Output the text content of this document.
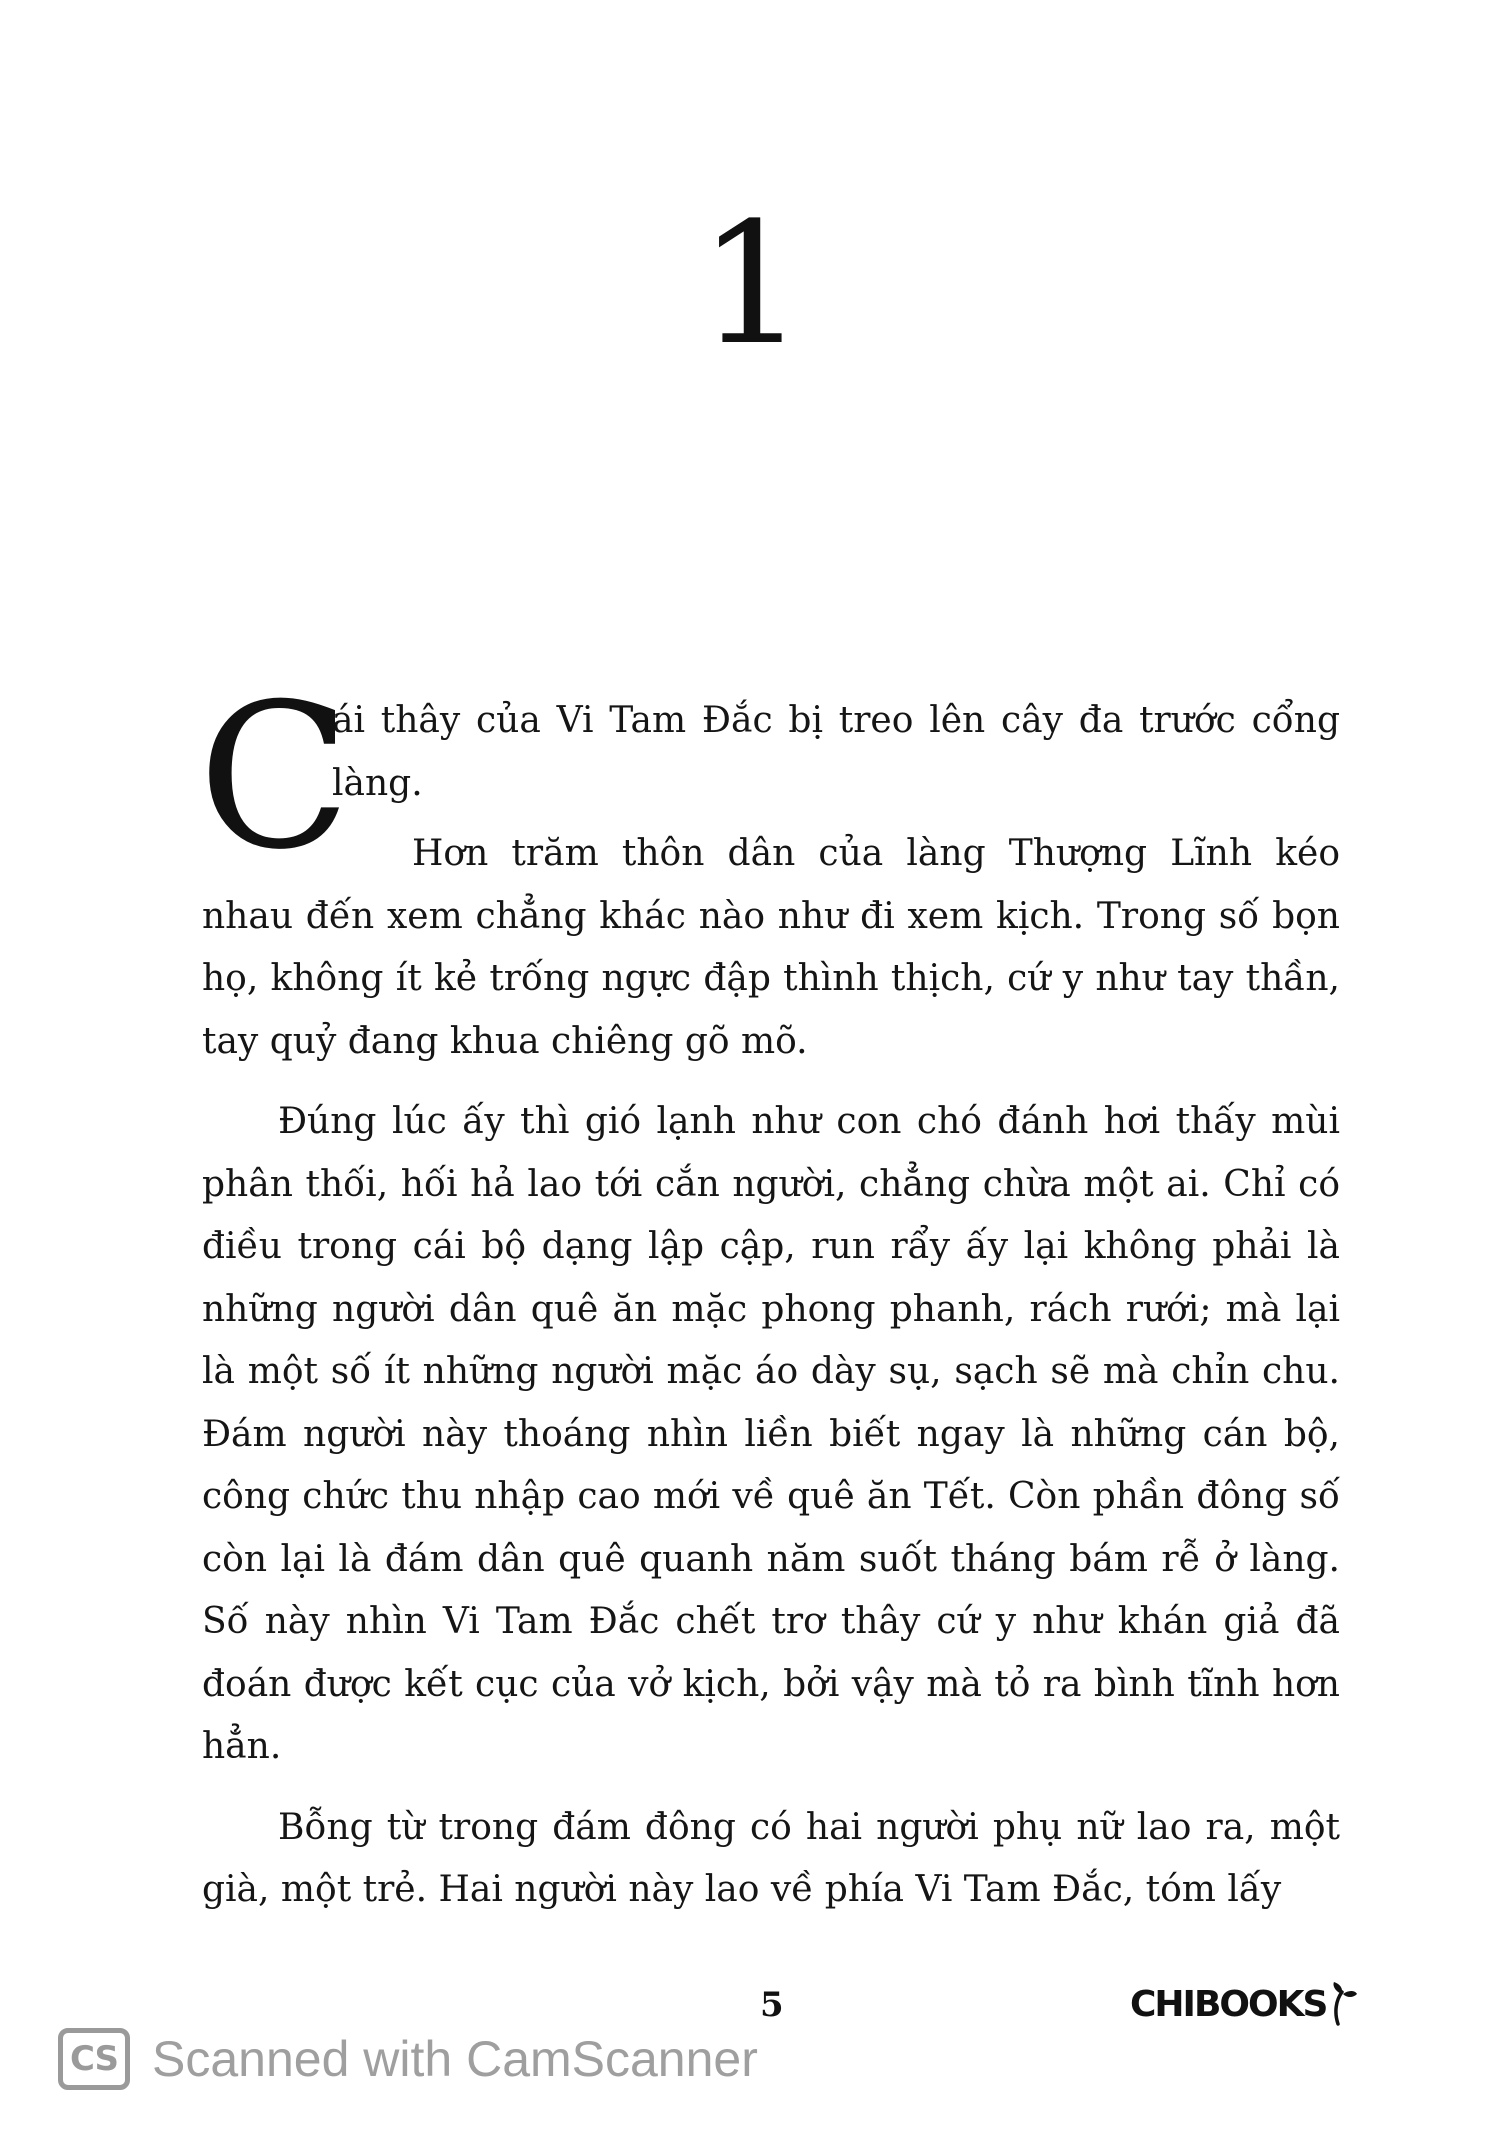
1

C
ái thây của Vi Tam Đắc bị treo lên cây đa trước cổng làng.

Hơn trăm thôn dân của làng Thượng Lĩnh kéo
nhau đến xem chẳng khác nào như đi xem kịch. Trong số bọn họ, không ít kẻ trống ngực đập thình thịch, cứ y như tay thần, tay quỷ đang khua chiêng gõ mõ.

Đúng lúc ấy thì gió lạnh như con chó đánh hơi thấy mùi phân thối, hối hả lao tới cắn người, chẳng chừa một ai. Chỉ có điều trong cái bộ dạng lập cập, run rẩy ấy lại không phải là những người dân quê ăn mặc phong phanh, rách rưới; mà lại là một số ít những người mặc áo dày sụ, sạch sẽ mà chỉn chu. Đám người này thoáng nhìn liền biết ngay là những cán bộ, công chức thu nhập cao mới về quê ăn Tết. Còn phần đông số còn lại là đám dân quê quanh năm suốt tháng bám rễ ở làng. Số này nhìn Vi Tam Đắc chết trơ thây cứ y như khán giả đã đoán được kết cục của vở kịch, bởi vậy mà tỏ ra bình tĩnh hơn hẳn.

Bỗng từ trong đám đông có hai người phụ nữ lao ra, một già, một trẻ. Hai người này lao về phía Vi Tam Đắc, tóm lấy

5	CHIBOOKS
CS Scanned with CamScanner
